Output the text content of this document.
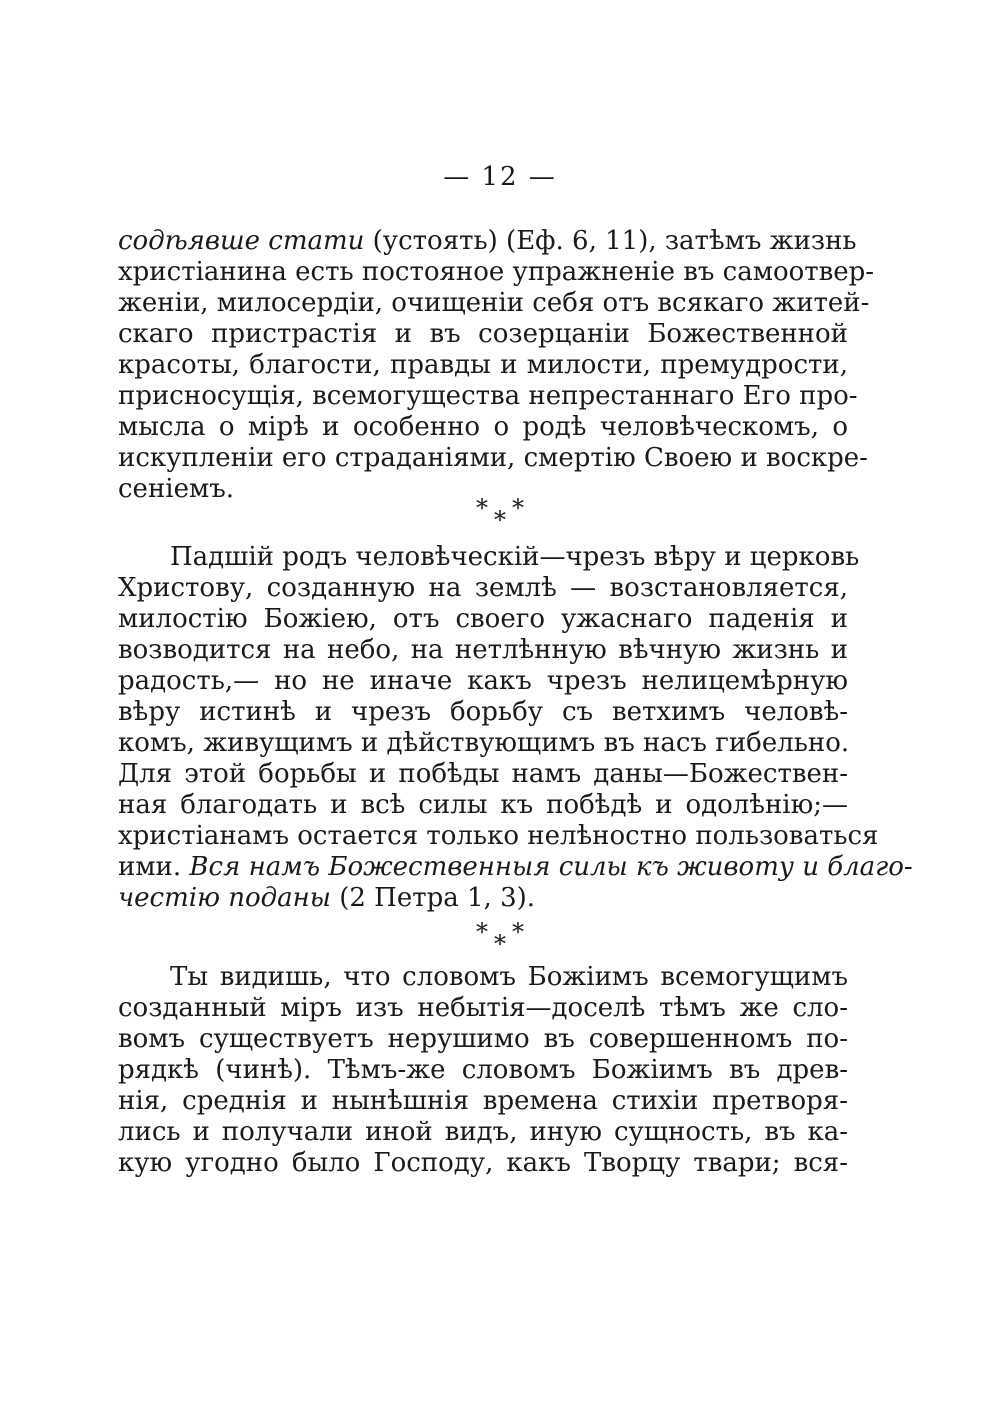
— 12 —
содѣявше стати (устоять) (Еф. 6, 11), затѣмъ жизнь
христіанина есть постояное упражненіе въ самоотвер-
женіи, милосердіи, очищеніи себя отъ всякаго житей-
скаго пристрастія и въ созерцаніи Божественной
красоты, благости, правды и милости, премудрости,
присносущія, всемогущества непрестаннаго Его про-
мысла о мірѣ и особенно о родѣ человѣческомъ, о
искупленіи его страданіями, смертію Своею и воскре-
сеніемъ.
* * *
Падшій родъ человѣческій—чрезъ вѣру и церковь
Христову, созданную на землѣ — возстановляется,
милостію Божіею, отъ своего ужаснаго паденія и
возводится на небо, на нетлѣнную вѣчную жизнь и
радость,— но не иначе какъ чрезъ нелицемѣрную
вѣру истинѣ и чрезъ борьбу съ ветхимъ человѣ-
комъ, живущимъ и дѣйствующимъ въ насъ гибельно.
Для этой борьбы и побѣды намъ даны—Божествен-
ная благодать и всѣ силы къ побѣдѣ и одолѣнію;—
христіанамъ остается только нелѣностно пользоваться
ими. Вся намъ Божественныя силы къ животу и благо-
честію поданы (2 Петра 1, 3).
* * *
Ты видишь, что словомъ Божіимъ всемогущимъ
созданный міръ изъ небытія—доселѣ тѣмъ же сло-
вомъ существуетъ нерушимо въ совершенномъ по-
рядкѣ (чинѣ). Тѣмъ-же словомъ Божіимъ въ древ-
нія, среднія и нынѣшнія времена стихіи претворя-
лись и получали иной видъ, иную сущность, въ ка-
кую угодно было Господу, какъ Творцу твари; вся-
